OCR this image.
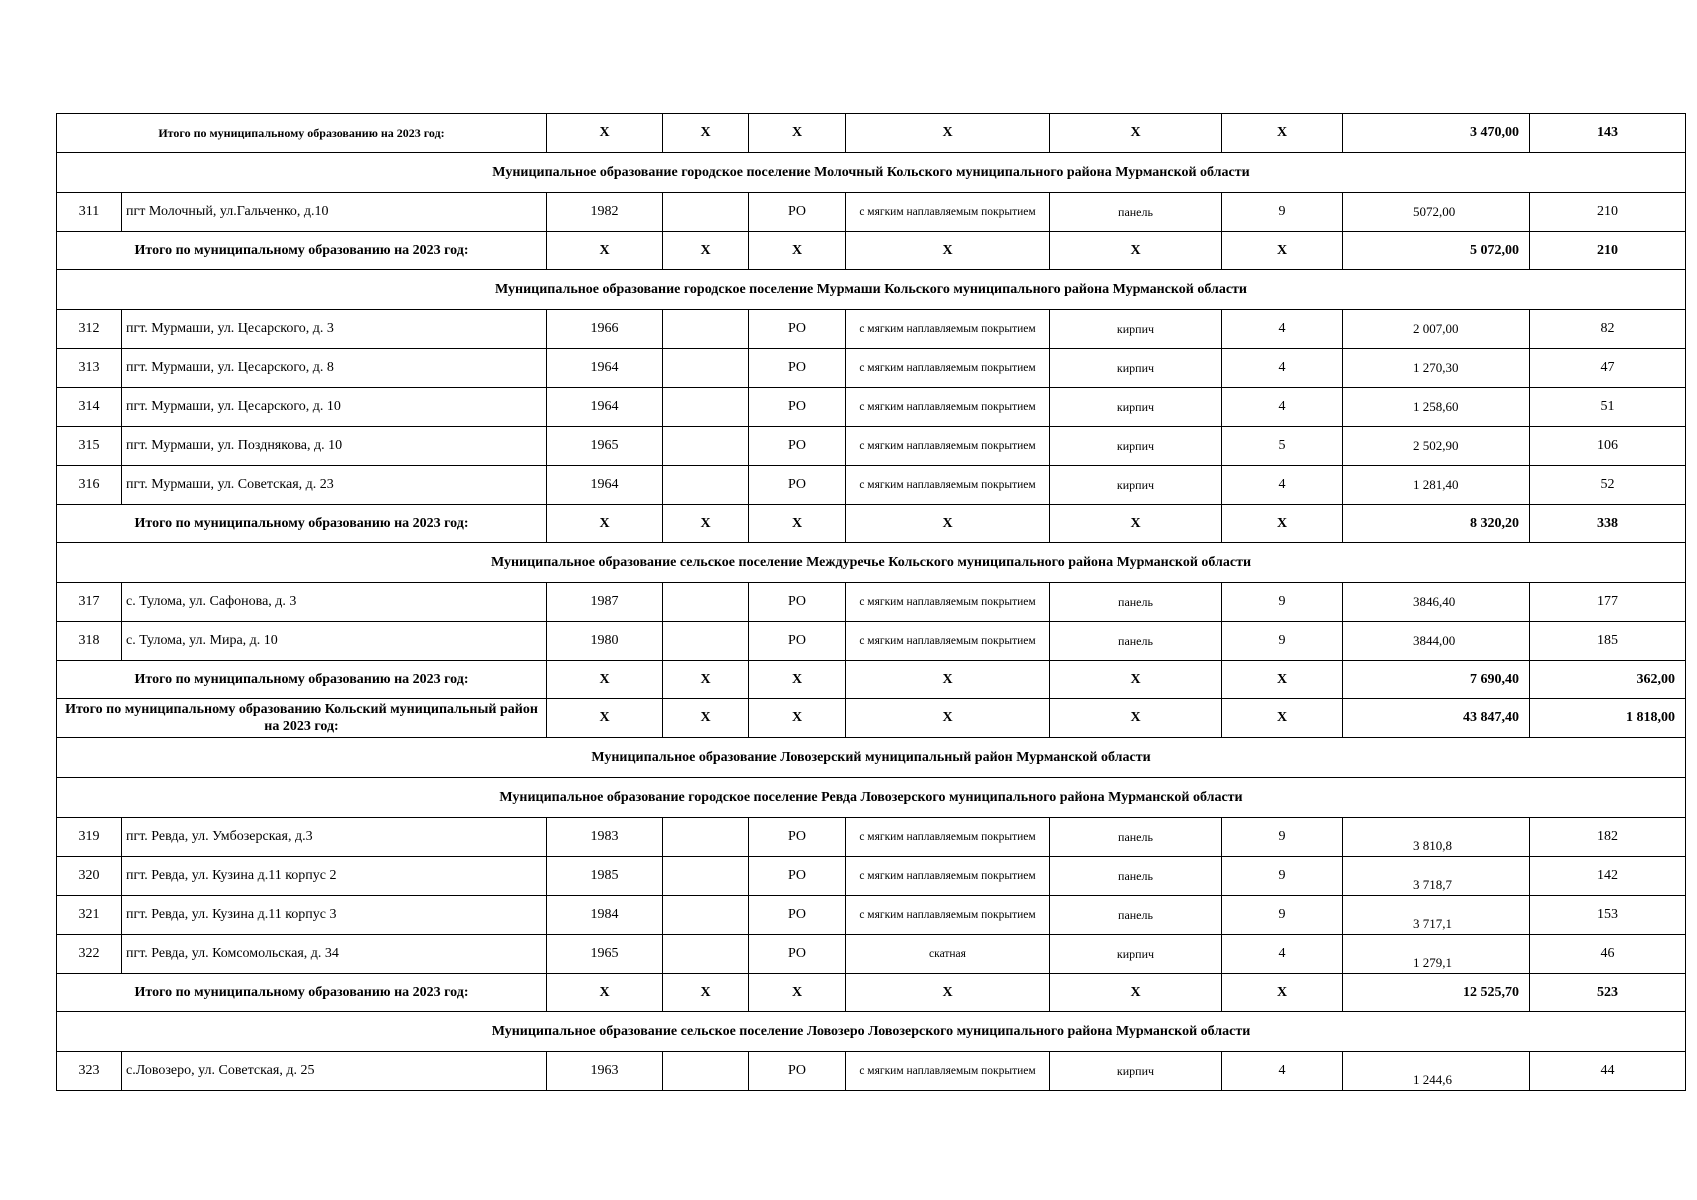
Итого по муниципальному образованию на 2023 год:		X	X	X	X	X	X	3 470,00	143
Муниципальное образование городское поселение Молочный Кольского муниципального района Мурманской области									
311	пгт Молочный, ул.Гальченко, д.10	1982		РО	с мягким наплавляемым покрытием	панель	9	5072,00	210
Итого по муниципальному образованию на 2023 год:		X	X	X	X	X	X	5 072,00	210
Муниципальное образование городское поселение Мурмаши Кольского муниципального района Мурманской области									
312	пгт. Мурмаши, ул. Цесарского, д. 3	1966		РО	с мягким наплавляемым покрытием	кирпич	4	2 007,00	82
313	пгт. Мурмаши, ул. Цесарского, д. 8	1964		РО	с мягким наплавляемым покрытием	кирпич	4	1 270,30	47
314	пгт. Мурмаши, ул. Цесарского, д. 10	1964		РО	с мягким наплавляемым покрытием	кирпич	4	1 258,60	51
315	пгт. Мурмаши, ул. Позднякова, д. 10	1965		РО	с мягким наплавляемым покрытием	кирпич	5	2 502,90	106
316	пгт. Мурмаши, ул. Советская, д. 23	1964		РО	с мягким наплавляемым покрытием	кирпич	4	1 281,40	52
Итого по муниципальному образованию на 2023 год:		X	X	X	X	X	X	8 320,20	338
Муниципальное образование сельское поселение Междуречье Кольского муниципального района Мурманской области									
317	с. Тулома, ул. Сафонова, д. 3	1987		РО	с мягким наплавляемым покрытием	панель	9	3846,40	177
318	с. Тулома, ул. Мира, д. 10	1980		РО	с мягким наплавляемым покрытием	панель	9	3844,00	185
Итого по муниципальному образованию на 2023 год:		X	X	X	X	X	X	7 690,40	362,00
Итого по муниципальному образованию Кольский муниципальный район на 2023 год:		X	X	X	X	X	X	43 847,40	1 818,00
Муниципальное образование Ловозерский муниципальный район Мурманской области									
Муниципальное образование городское поселение Ревда Ловозерского муниципального района Мурманской области									
319	пгт. Ревда, ул. Умбозерская, д.3	1983		РО	с мягким наплавляемым покрытием	панель	9	3 810,8	182
320	пгт. Ревда, ул. Кузина д.11 корпус 2	1985		РО	с мягким наплавляемым покрытием	панель	9	3 718,7	142
321	пгт. Ревда, ул. Кузина д.11 корпус 3	1984		РО	с мягким наплавляемым покрытием	панель	9	3 717,1	153
322	пгт. Ревда, ул. Комсомольская, д. 34	1965		РО	скатная	кирпич	4	1 279,1	46
Итого по муниципальному образованию на 2023 год:		X	X	X	X	X	X	12 525,70	523
Муниципальное образование сельское поселение Ловозеро Ловозерского муниципального района Мурманской области									
323	с.Ловозеро, ул. Советская, д. 25	1963		РО	с мягким наплавляемым покрытием	кирпич	4	1 244,6	44
